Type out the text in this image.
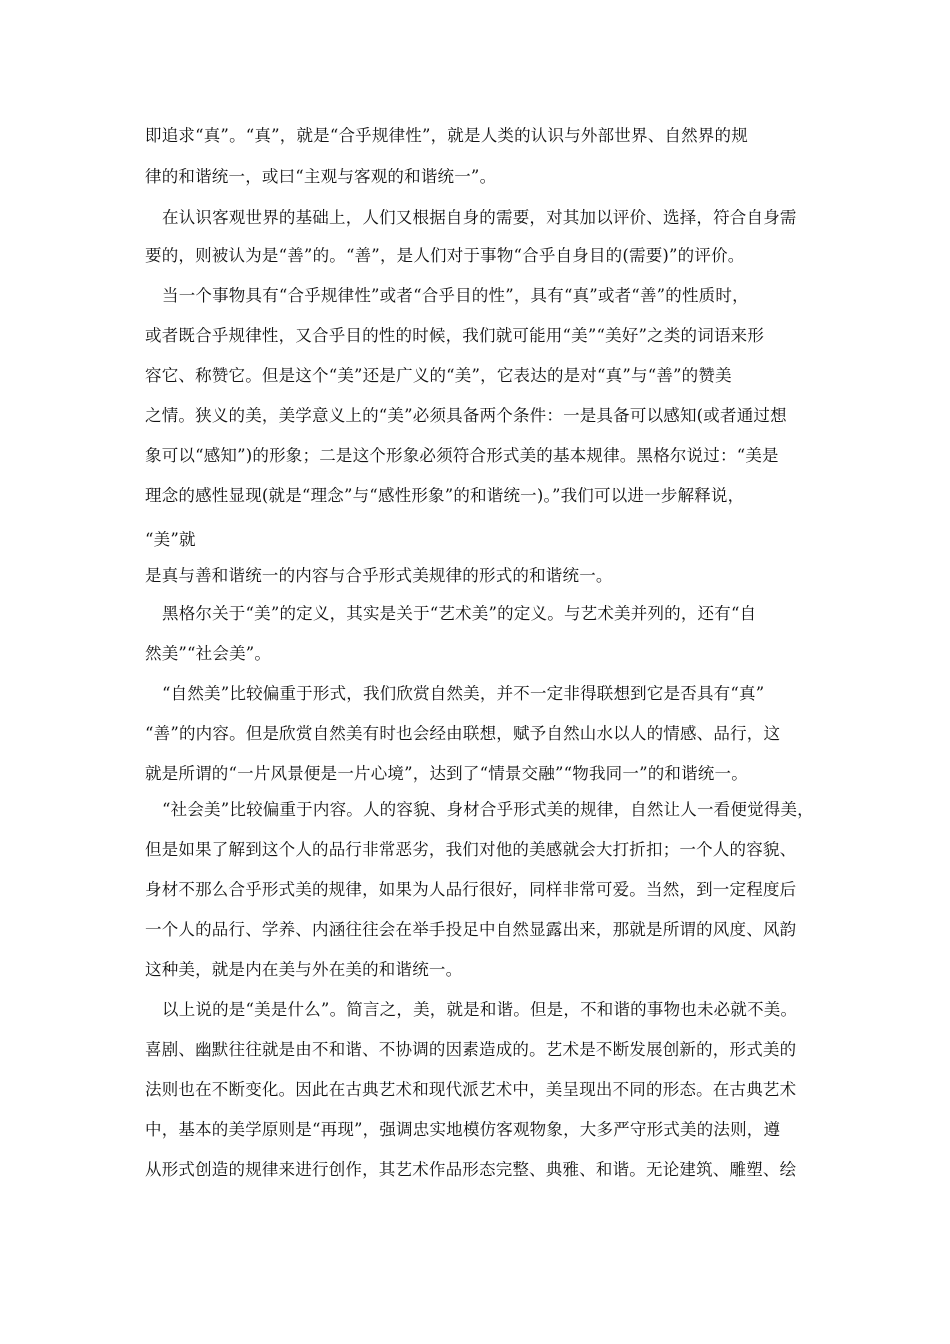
即追求“真”。“真”，就是“合乎规律性”，就是人类的认识与外部世界、自然界的规
律的和谐统一，或曰“主观与客观的和谐统一”。
在认识客观世界的基础上，人们又根据自身的需要，对其加以评价、选择，符合自身需
要的，则被认为是“善”的。“善”，是人们对于事物“合乎自身目的(需要)”的评价。
当一个事物具有“合乎规律性”或者“合乎目的性”，具有“真”或者“善”的性质时，
或者既合乎规律性，又合乎目的性的时候，我们就可能用“美”“美好”之类的词语来形
容它、称赞它。但是这个“美”还是广义的“美”，它表达的是对“真”与“善”的赞美
之情。狭义的美，美学意义上的“美”必须具备两个条件：一是具备可以感知(或者通过想
象可以“感知”)的形象；二是这个形象必须符合形式美的基本规律。黑格尔说过：“美是
理念的感性显现(就是“理念”与“感性形象”的和谐统一)。”我们可以进一步解释说，
“美”就
是真与善和谐统一的内容与合乎形式美规律的形式的和谐统一。
黑格尔关于“美”的定义，其实是关于“艺术美”的定义。与艺术美并列的，还有“自
然美”“社会美”。
“自然美”比较偏重于形式，我们欣赏自然美，并不一定非得联想到它是否具有“真”
“善”的内容。但是欣赏自然美有时也会经由联想，赋予自然山水以人的情感、品行，这
就是所谓的“一片风景便是一片心境”，达到了“情景交融”“物我同一”的和谐统一。
“社会美”比较偏重于内容。人的容貌、身材合乎形式美的规律，自然让人一看便觉得美，
但是如果了解到这个人的品行非常恶劣，我们对他的美感就会大打折扣；一个人的容貌、
身材不那么合乎形式美的规律，如果为人品行很好，同样非常可爱。当然，到一定程度后
一个人的品行、学养、内涵往往会在举手投足中自然显露出来，那就是所谓的风度、风韵
这种美，就是内在美与外在美的和谐统一。
以上说的是“美是什么”。简言之，美，就是和谐。但是，不和谐的事物也未必就不美。
喜剧、幽默往往就是由不和谐、不协调的因素造成的。艺术是不断发展创新的，形式美的
法则也在不断变化。因此在古典艺术和现代派艺术中，美呈现出不同的形态。在古典艺术
中，基本的美学原则是“再现”，强调忠实地模仿客观物象，大多严守形式美的法则，遵
从形式创造的规律来进行创作，其艺术作品形态完整、典雅、和谐。无论建筑、雕塑、绘
